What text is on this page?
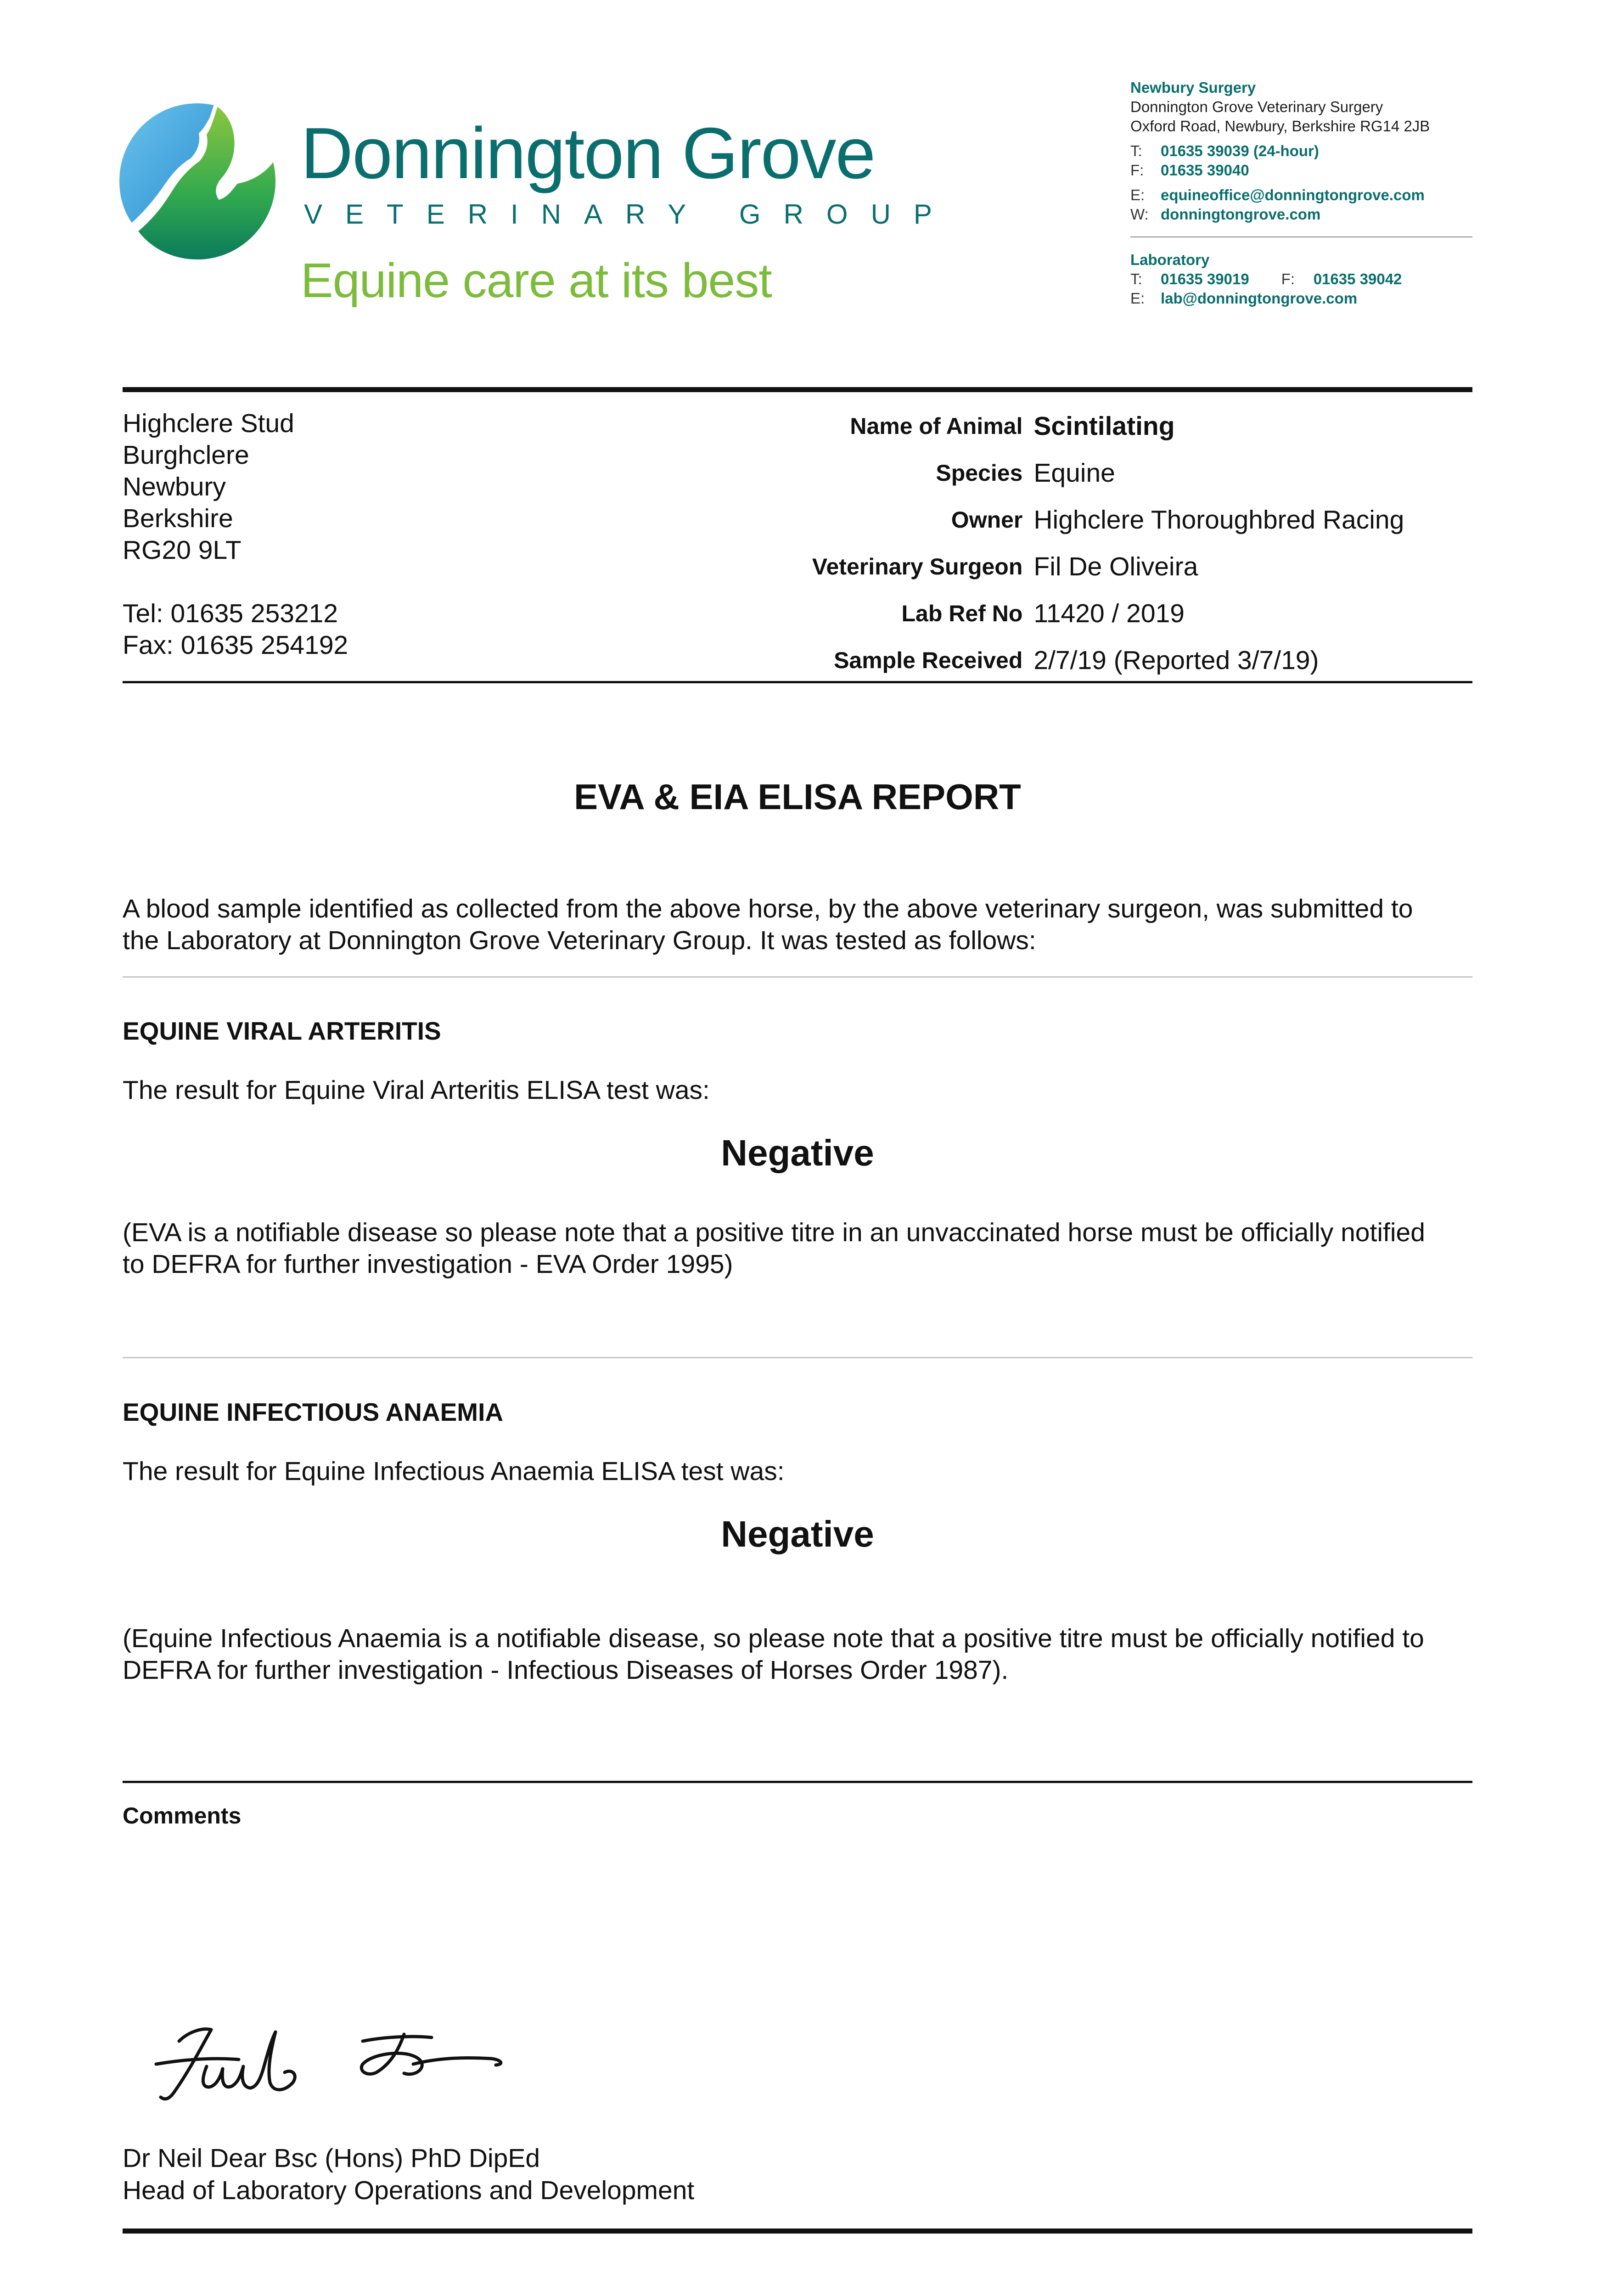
Donnington Grove
VETERINARY GROUP
Equine care at its best
Newbury Surgery
Donnington Grove Veterinary Surgery
Oxford Road, Newbury, Berkshire RG14 2JB
T: 01635 39039 (24-hour)
F: 01635 39040
E: equineoffice@donningtongrove.com
W: donningtongrove.com
Laboratory
T: 01635 39019 F: 01635 39042
E: lab@donningtongrove.com
Highclere Stud
Burghclere
Newbury
Berkshire
RG20 9LT
Tel: 01635 253212
Fax: 01635 254192
Name of Animal	Scintilating
Species	Equine
Owner	Highclere Thoroughbred Racing
Veterinary Surgeon	Fil De Oliveira
Lab Ref No	11420 / 2019
Sample Received	2/7/19 (Reported 3/7/19)
EVA & EIA ELISA REPORT
A blood sample identified as collected from the above horse, by the above veterinary surgeon, was submitted to
the Laboratory at Donnington Grove Veterinary Group. It was tested as follows:
EQUINE VIRAL ARTERITIS
The result for Equine Viral Arteritis ELISA test was:
Negative
(EVA is a notifiable disease so please note that a positive titre in an unvaccinated horse must be officially notified
to DEFRA for further investigation - EVA Order 1995)
EQUINE INFECTIOUS ANAEMIA
The result for Equine Infectious Anaemia ELISA test was:
Negative
(Equine Infectious Anaemia is a notifiable disease, so please note that a positive titre must be officially notified to
DEFRA for further investigation - Infectious Diseases of Horses Order 1987).
Comments
Dr Neil Dear Bsc (Hons) PhD DipEd
Head of Laboratory Operations and Development
